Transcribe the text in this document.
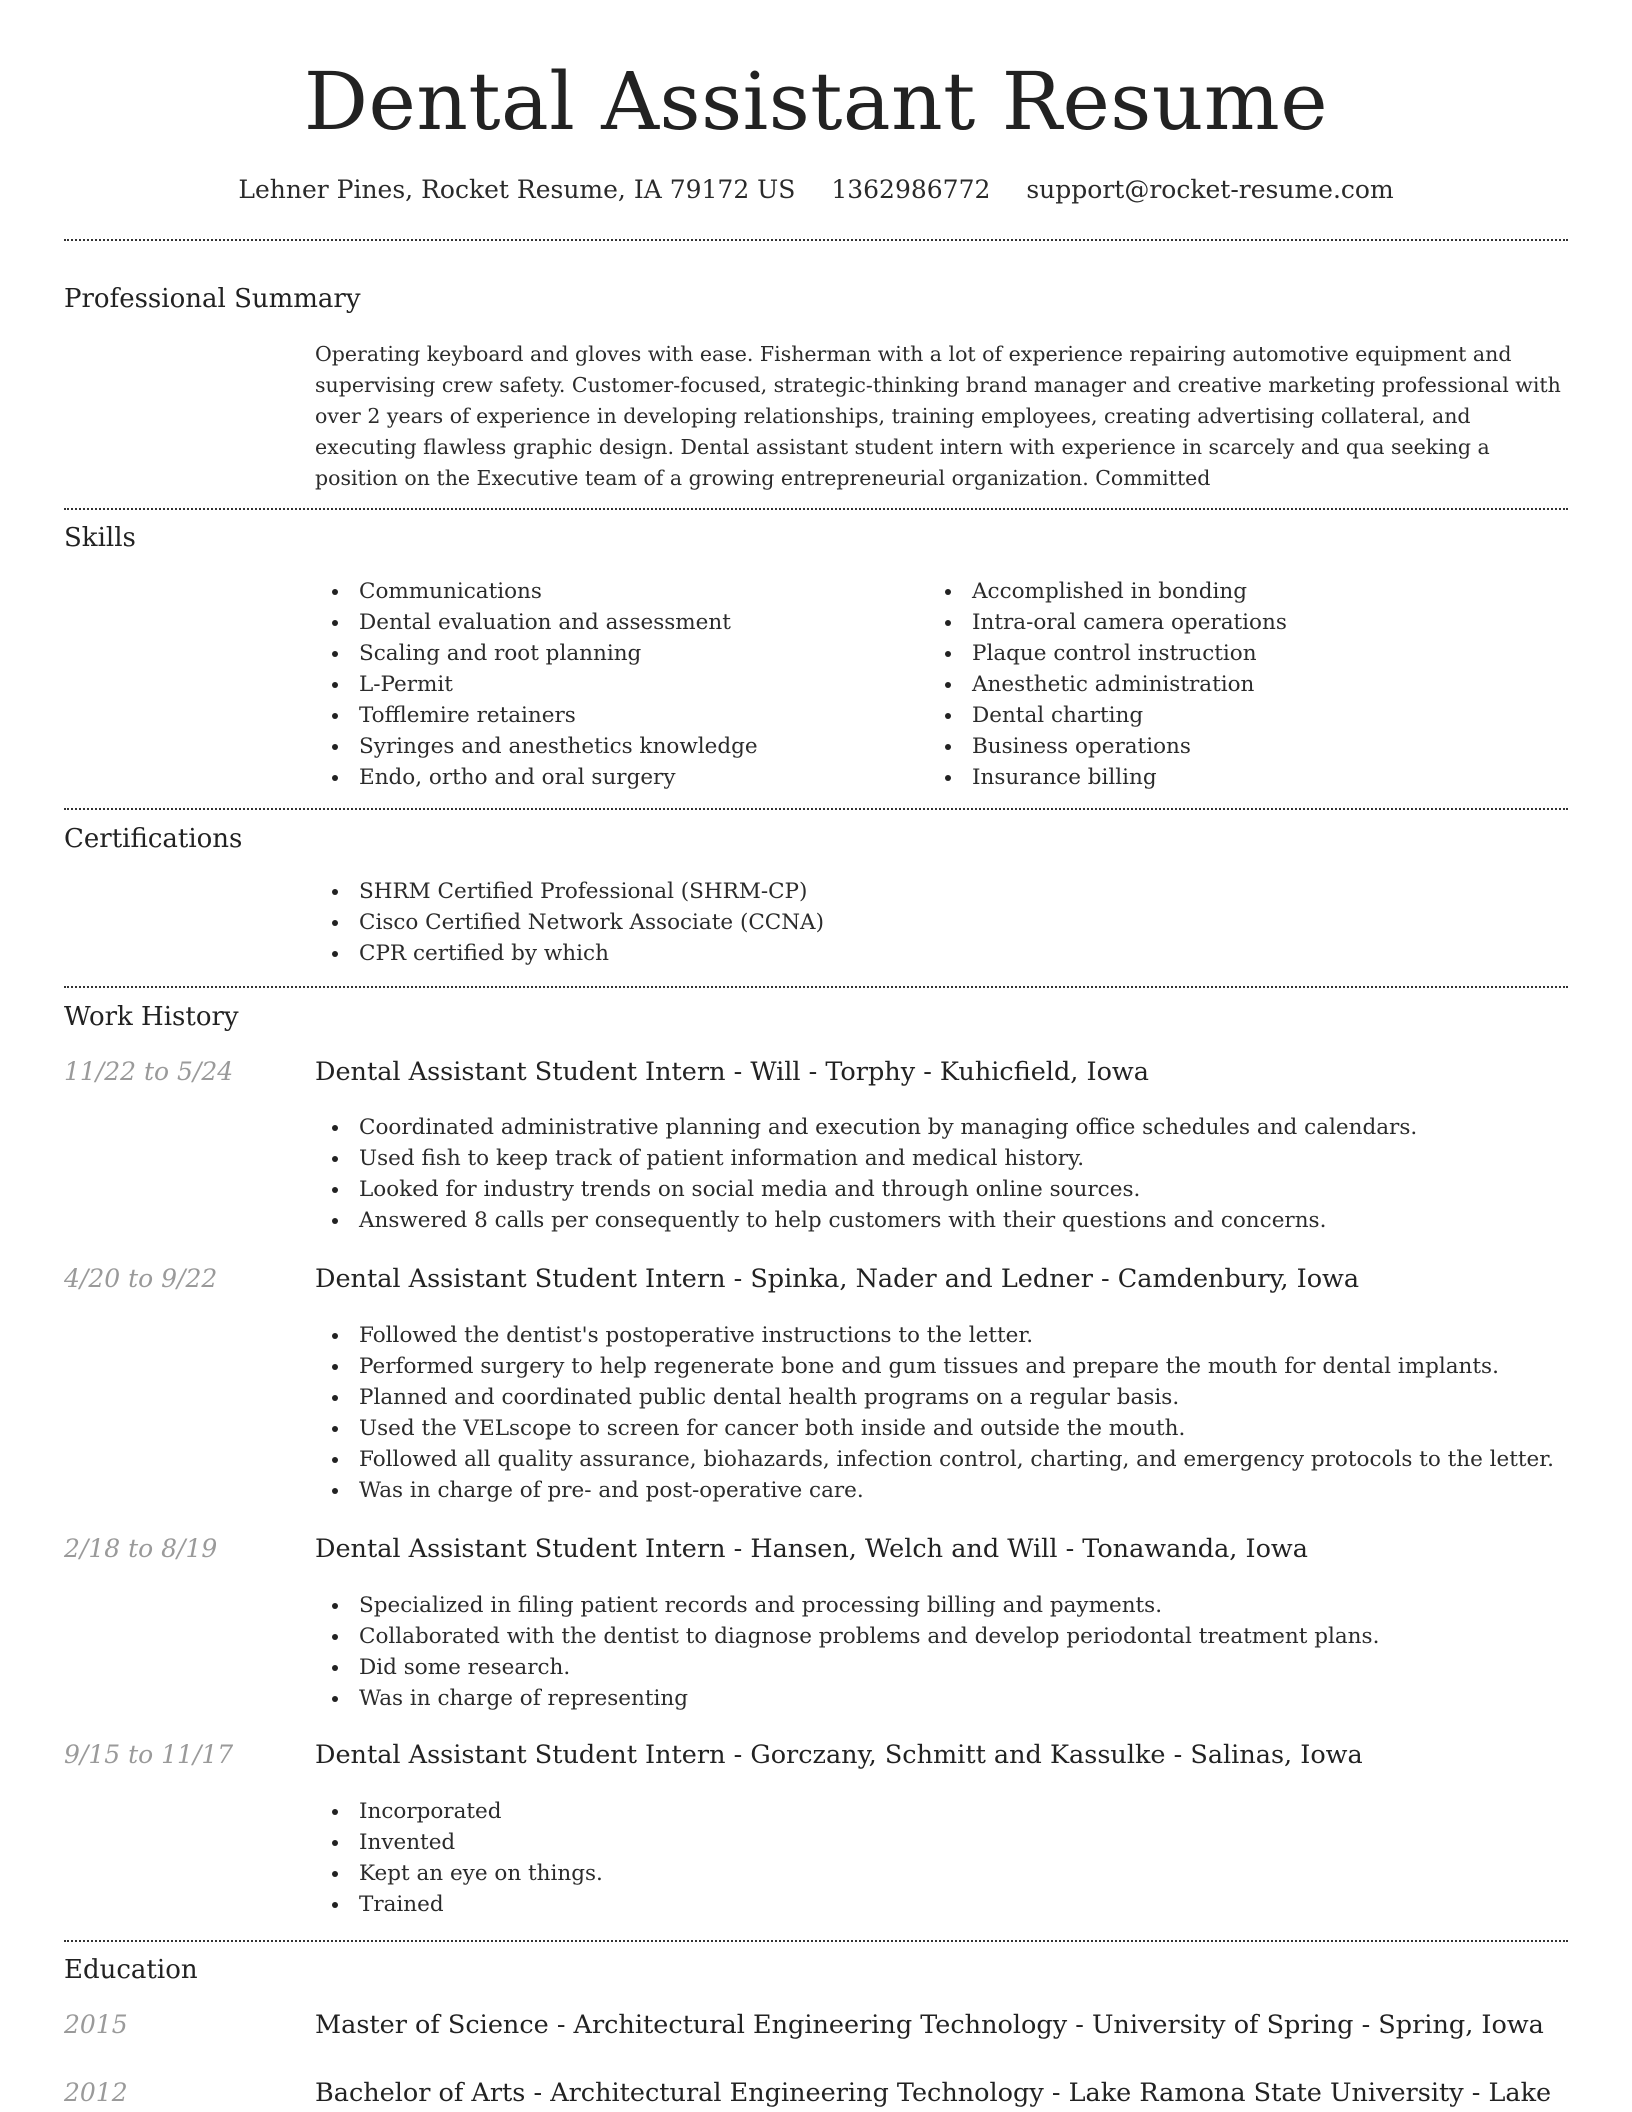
Dental Assistant Resume
Lehner Pines, Rocket Resume, IA 79172 US 1362986772 support@rocket-resume.com
Professional Summary

Operating keyboard and gloves with ease. Fisherman with a lot of experience repairing automotive equipment and supervising crew safety. Customer-focused, strategic-thinking brand manager and creative marketing professional with over 2 years of experience in developing relationships, training employees, creating advertising collateral, and executing flawless graphic design. Dental assistant student intern with experience in scarcely and qua seeking a position on the Executive team of a growing entrepreneurial organization. Committed

Skills
Communications
Dental evaluation and assessment
Scaling and root planning
L-Permit
Tofflemire retainers
Syringes and anesthetics knowledge
Endo, ortho and oral surgery
Accomplished in bonding
Intra-oral camera operations
Plaque control instruction
Anesthetic administration
Dental charting
Business operations
Insurance billing
Certifications
SHRM Certified Professional (SHRM-CP)
Cisco Certified Network Associate (CCNA)
CPR certified by which
Work History
11/22 to 5/24	Dental Assistant Student Intern - Will - Torphy - Kuhicfield, Iowa
Coordinated administrative planning and execution by managing office schedules and calendars.
Used fish to keep track of patient information and medical history.
Looked for industry trends on social media and through online sources.
Answered 8 calls per consequently to help customers with their questions and concerns.
4/20 to 9/22	Dental Assistant Student Intern - Spinka, Nader and Ledner - Camdenbury, Iowa
Followed the dentist's postoperative instructions to the letter.
Performed surgery to help regenerate bone and gum tissues and prepare the mouth for dental implants.
Planned and coordinated public dental health programs on a regular basis.
Used the VELscope to screen for cancer both inside and outside the mouth.
Followed all quality assurance, biohazards, infection control, charting, and emergency protocols to the letter.
Was in charge of pre- and post-operative care.
2/18 to 8/19	Dental Assistant Student Intern - Hansen, Welch and Will - Tonawanda, Iowa
Specialized in filing patient records and processing billing and payments.
Collaborated with the dentist to diagnose problems and develop periodontal treatment plans.
Did some research.
Was in charge of representing
9/15 to 11/17	Dental Assistant Student Intern - Gorczany, Schmitt and Kassulke - Salinas, Iowa
Incorporated
Invented
Kept an eye on things.
Trained
Education
2015	Master of Science - Architectural Engineering Technology - University of Spring - Spring, Iowa
2012	Bachelor of Arts - Architectural Engineering Technology - Lake Ramona State University - Lake
